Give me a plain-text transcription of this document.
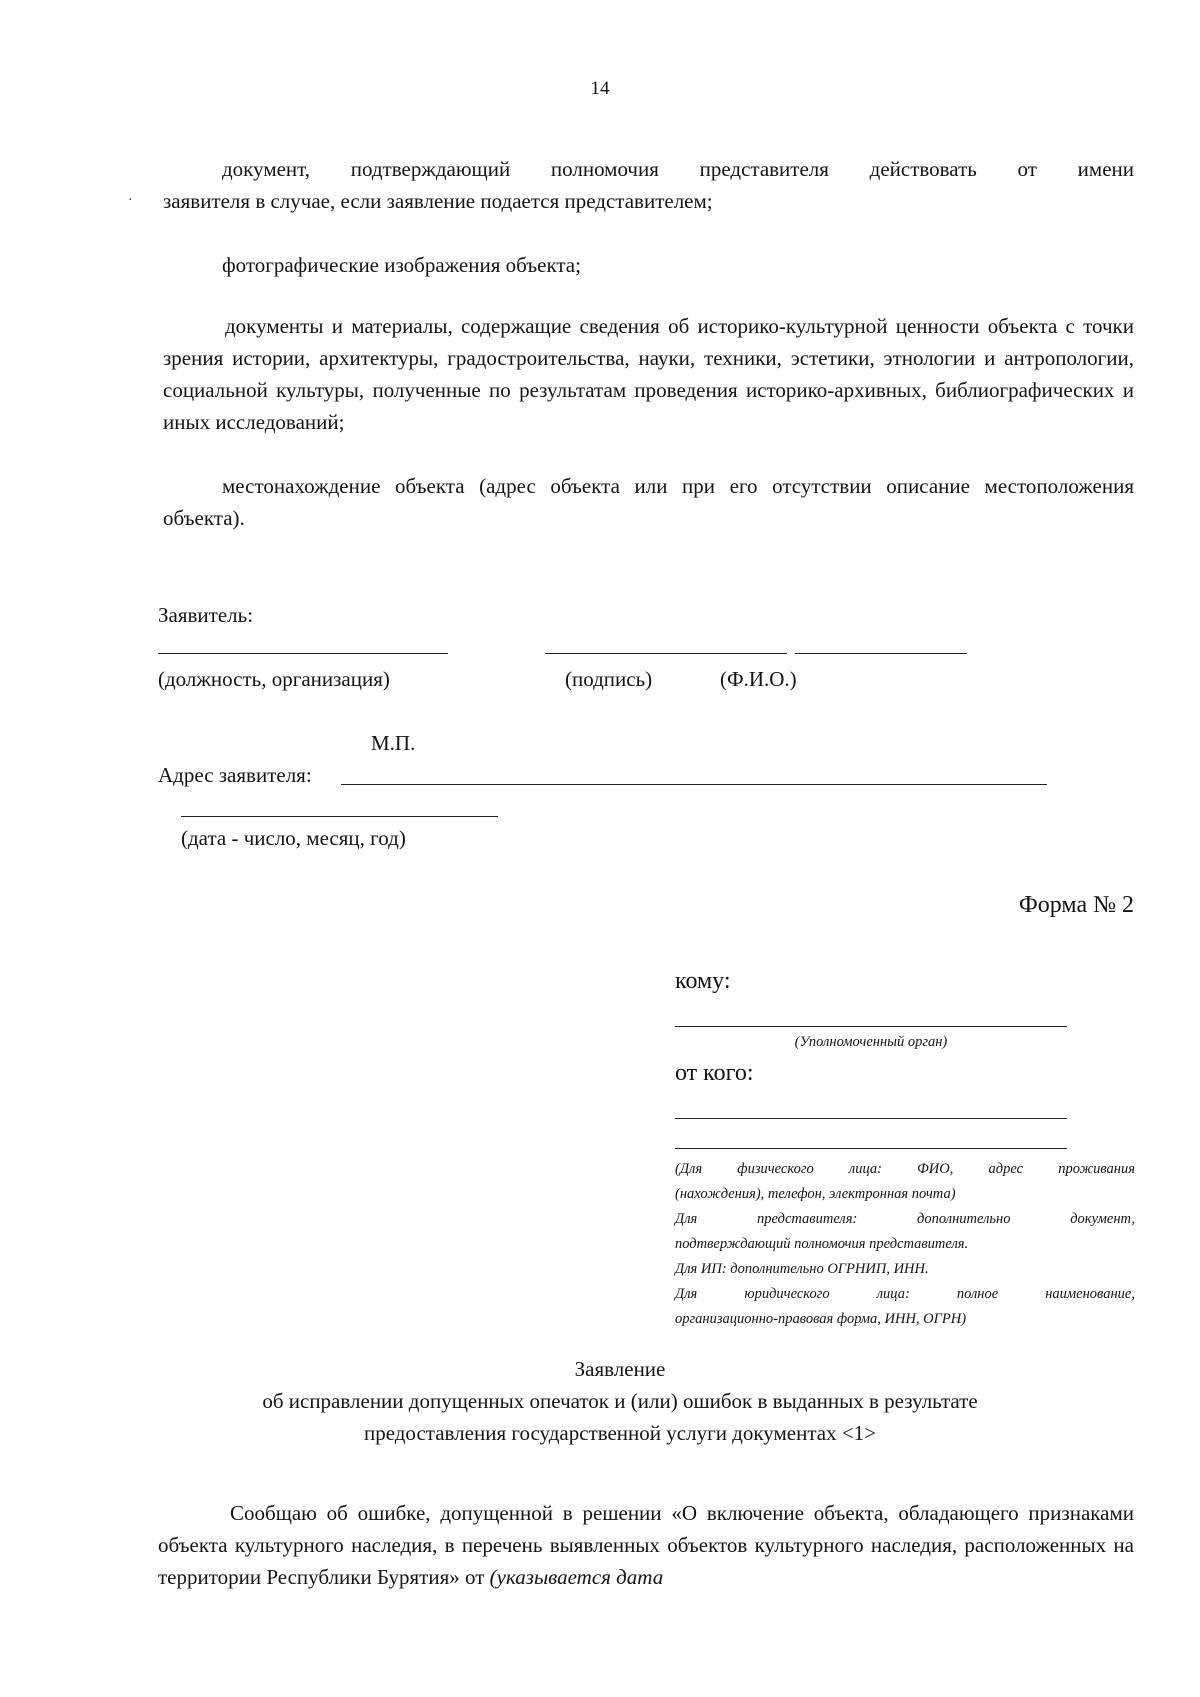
14
документ, подтверждающий полномочия представителя действовать от имени
заявителя в случае, если заявление подается представителем;
·
фотографические изображения объекта;
документы и материалы, содержащие сведения об историко-культурной ценности объекта с точки зрения истории, архитектуры, градостроительства, науки, техники, эстетики, этнологии и антропологии, социальной культуры, полученные по результатам проведения историко-архивных, библиографических и иных исследований;
местонахождение объекта (адрес объекта или при его отсутствии описание местоположения объекта).
Заявитель:
(должность, организация)	(подпись)	(Ф.И.О.)
М.П.
Адрес заявителя:
(дата - число, месяц, год)
Форма № 2
кому:
(Уполномоченный орган)
от кого:
(Для физического лица: ФИО, адрес проживания
(нахождения), телефон, электронная почта)
Для представителя: дополнительно документ,
подтверждающий полномочия представителя.
Для ИП: дополнительно ОГРНИП, ИНН.
Для юридического лица: полное наименование,
организационно-правовая форма, ИНН, ОГРН)
Заявление
об исправлении допущенных опечаток и (или) ошибок в выданных в результате
предоставления государственной услуги документах <1>
Сообщаю об ошибке, допущенной в решении «О включение объекта, обладающего признаками объекта культурного наследия, в перечень выявленных объектов культурного наследия, расположенных на территории Республики Бурятия» от (указывается дата
